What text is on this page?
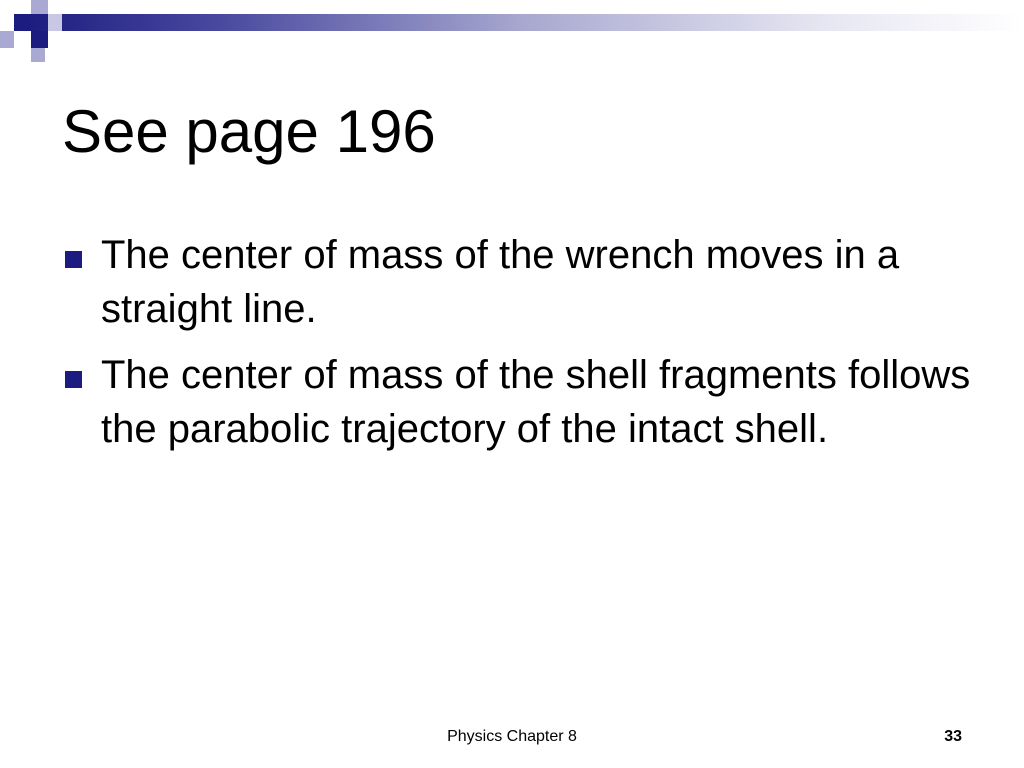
See page 196
The center of mass of the wrench moves in a straight line.
The center of mass of the shell fragments follows the parabolic trajectory of the intact shell.
Physics Chapter 8	33
